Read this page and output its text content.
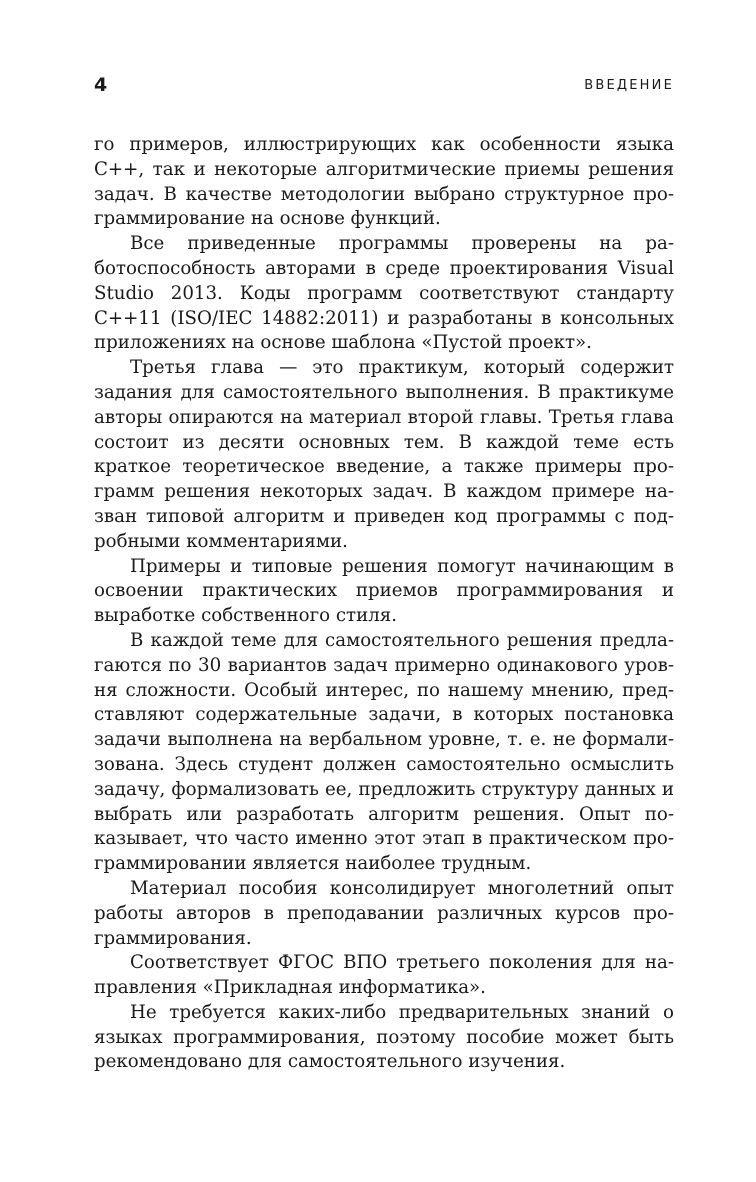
4	ВВЕДЕНИЕ

го примеров, иллюстрирующих как особенности языка C++, так и некоторые алгоритмические приемы решения задач. В качестве методологии выбрано структурное программирование на основе функций.

Все приведенные программы проверены на работоспособность авторами в среде проектирования Visual Studio 2013. Коды программ соответствуют стандарту C++11 (ISO/IEC 14882:2011) и разработаны в консольных приложениях на основе шаблона «Пустой проект».

Третья глава — это практикум, который содержит задания для самостоятельного выполнения. В практикуме авторы опираются на материал второй главы. Третья глава состоит из десяти основных тем. В каждой теме есть краткое теоретическое введение, а также примеры программ решения некоторых задач. В каждом примере назван типовой алгоритм и приведен код программы с подробными комментариями.

Примеры и типовые решения помогут начинающим в освоении практических приемов программирования и выработке собственного стиля.

В каждой теме для самостоятельного решения предлагаются по 30 вариантов задач примерно одинакового уровня сложности. Особый интерес, по нашему мнению, представляют содержательные задачи, в которых постановка задачи выполнена на вербальном уровне, т. е. не формализована. Здесь студент должен самостоятельно осмыслить задачу, формализовать ее, предложить структуру данных и выбрать или разработать алгоритм решения. Опыт показывает, что часто именно этот этап в практическом программировании является наиболее трудным.

Материал пособия консолидирует многолетний опыт работы авторов в преподавании различных курсов программирования.

Соответствует ФГОС ВПО третьего поколения для направления «Прикладная информатика».

Не требуется каких-либо предварительных знаний о языках программирования, поэтому пособие может быть рекомендовано для самостоятельного изучения.
